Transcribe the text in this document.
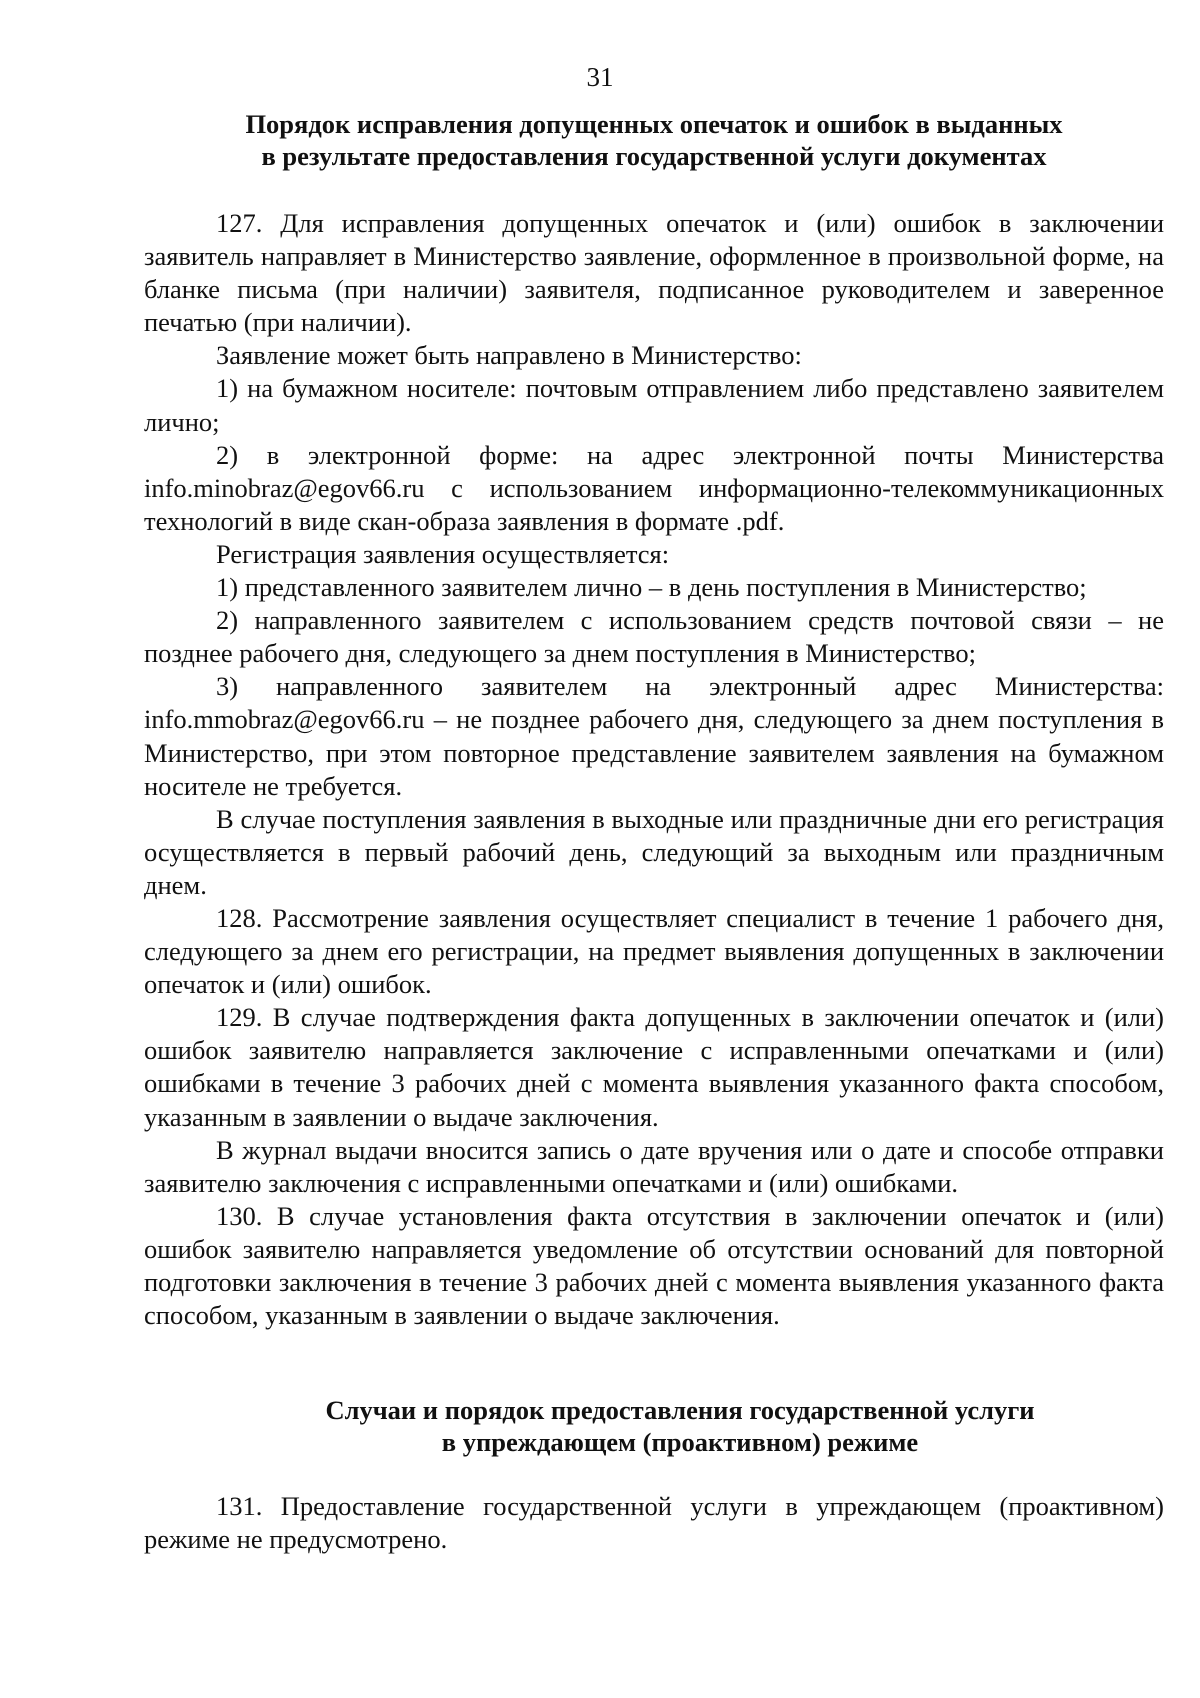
31
Порядок исправления допущенных опечаток и ошибок в выданных
в результате предоставления государственной услуги документах

127. Для исправления допущенных опечаток и (или) ошибок в заключении заявитель направляет в Министерство заявление, оформленное в произвольной форме, на бланке письма (при наличии) заявителя, подписанное руководителем и заверенное печатью (при наличии).

Заявление может быть направлено в Министерство:

1) на бумажном носителе: почтовым отправлением либо представлено заявителем лично;

2) в электронной форме: на адрес электронной почты Министерства info.minobraz@egov66.ru с использованием информационно-телекоммуникационных технологий в виде скан-образа заявления в формате .pdf.

Регистрация заявления осуществляется:

1) представленного заявителем лично – в день поступления в Министерство;

2) направленного заявителем с использованием средств почтовой связи – не позднее рабочего дня, следующего за днем поступления в Министерство;

3) направленного заявителем на электронный адрес Министерства: info.mmobraz@egov66.ru – не позднее рабочего дня, следующего за днем поступления в Министерство, при этом повторное представление заявителем заявления на бумажном носителе не требуется.

В случае поступления заявления в выходные или праздничные дни его регистрация осуществляется в первый рабочий день, следующий за выходным или праздничным днем.

128. Рассмотрение заявления осуществляет специалист в течение 1 рабочего дня, следующего за днем его регистрации, на предмет выявления допущенных в заключении опечаток и (или) ошибок.

129. В случае подтверждения факта допущенных в заключении опечаток и (или) ошибок заявителю направляется заключение с исправленными опечатками и (или) ошибками в течение 3 рабочих дней с момента выявления указанного факта способом, указанным в заявлении о выдаче заключения.

В журнал выдачи вносится запись о дате вручения или о дате и способе отправки заявителю заключения с исправленными опечатками и (или) ошибками.

130. В случае установления факта отсутствия в заключении опечаток и (или) ошибок заявителю направляется уведомление об отсутствии оснований для повторной подготовки заключения в течение 3 рабочих дней с момента выявления указанного факта способом, указанным в заявлении о выдаче заключения.

Случаи и порядок предоставления государственной услуги
в упреждающем (проактивном) режиме

131. Предоставление государственной услуги в упреждающем (проактивном) режиме не предусмотрено.
